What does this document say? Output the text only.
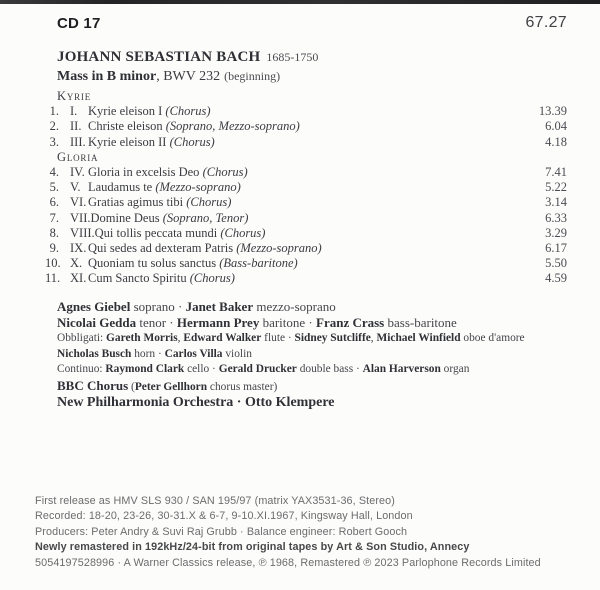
CD 17	67.27
JOHANN SEBASTIAN BACH 1685-1750
Mass in B minor, BWV 232 (beginning)
Kyrie
1. I. Kyrie eleison I (Chorus)	13.39
2. II. Christe eleison (Soprano, Mezzo-soprano)	6.04
3. III. Kyrie eleison II (Chorus)	4.18
Gloria
4. IV. Gloria in excelsis Deo (Chorus)	7.41
5. V. Laudamus te (Mezzo-soprano)	5.22
6. VI. Gratias agimus tibi (Chorus)	3.14
7. VII. Domine Deus (Soprano, Tenor)	6.33
8. VIII. Qui tollis peccata mundi (Chorus)	3.29
9. IX. Qui sedes ad dexteram Patris (Mezzo-soprano)	6.17
10. X. Quoniam tu solus sanctus (Bass-baritone)	5.50
11. XI. Cum Sancto Spiritu (Chorus)	4.59
Agnes Giebel soprano · Janet Baker mezzo-soprano
Nicolai Gedda tenor · Hermann Prey baritone · Franz Crass bass-baritone
Obbligati: Gareth Morris, Edward Walker flute · Sidney Sutcliffe, Michael Winfield oboe d'amore
Nicholas Busch horn · Carlos Villa violin
Continuo: Raymond Clark cello · Gerald Drucker double bass · Alan Harverson organ
BBC Chorus (Peter Gellhorn chorus master)
New Philharmonia Orchestra · Otto Klempere
First release as HMV SLS 930 / SAN 195/97 (matrix YAX3531-36, Stereo)
Recorded: 18-20, 23-26, 30-31.X & 6-7, 9-10.XI.1967, Kingsway Hall, London
Producers: Peter Andry & Suvi Raj Grubb · Balance engineer: Robert Gooch
Newly remastered in 192kHz/24-bit from original tapes by Art & Son Studio, Annecy
5054197528996 · A Warner Classics release, ℗ 1968, Remastered ℗ 2023 Parlophone Records Limited
